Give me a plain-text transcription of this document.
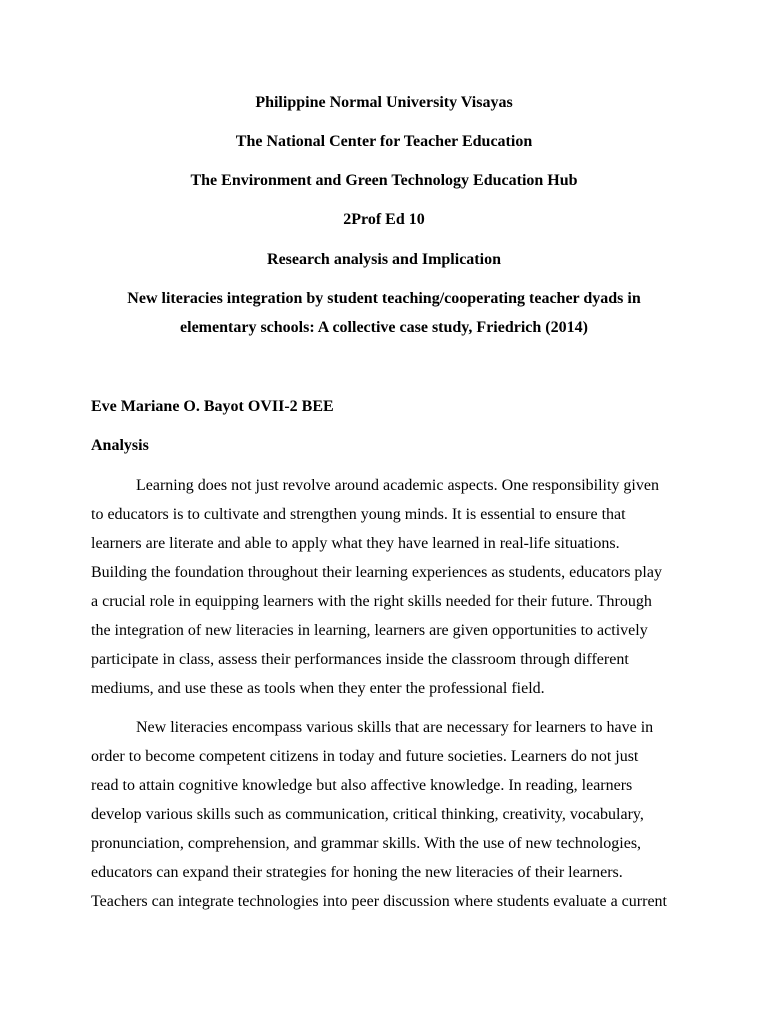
Philippine Normal University Visayas
The National Center for Teacher Education
The Environment and Green Technology Education Hub
2Prof Ed 10
Research analysis and Implication
New literacies integration by student teaching/cooperating teacher dyads in
elementary schools: A collective case study, Friedrich (2014)
Eve Mariane O. Bayot OVII-2 BEE
Analysis
Learning does not just revolve around academic aspects. One responsibility given
to educators is to cultivate and strengthen young minds. It is essential to ensure that
learners are literate and able to apply what they have learned in real-life situations.
Building the foundation throughout their learning experiences as students, educators play
a crucial role in equipping learners with the right skills needed for their future. Through
the integration of new literacies in learning, learners are given opportunities to actively
participate in class, assess their performances inside the classroom through different
mediums, and use these as tools when they enter the professional field.
New literacies encompass various skills that are necessary for learners to have in
order to become competent citizens in today and future societies. Learners do not just
read to attain cognitive knowledge but also affective knowledge. In reading, learners
develop various skills such as communication, critical thinking, creativity, vocabulary,
pronunciation, comprehension, and grammar skills. With the use of new technologies,
educators can expand their strategies for honing the new literacies of their learners.
Teachers can integrate technologies into peer discussion where students evaluate a current
